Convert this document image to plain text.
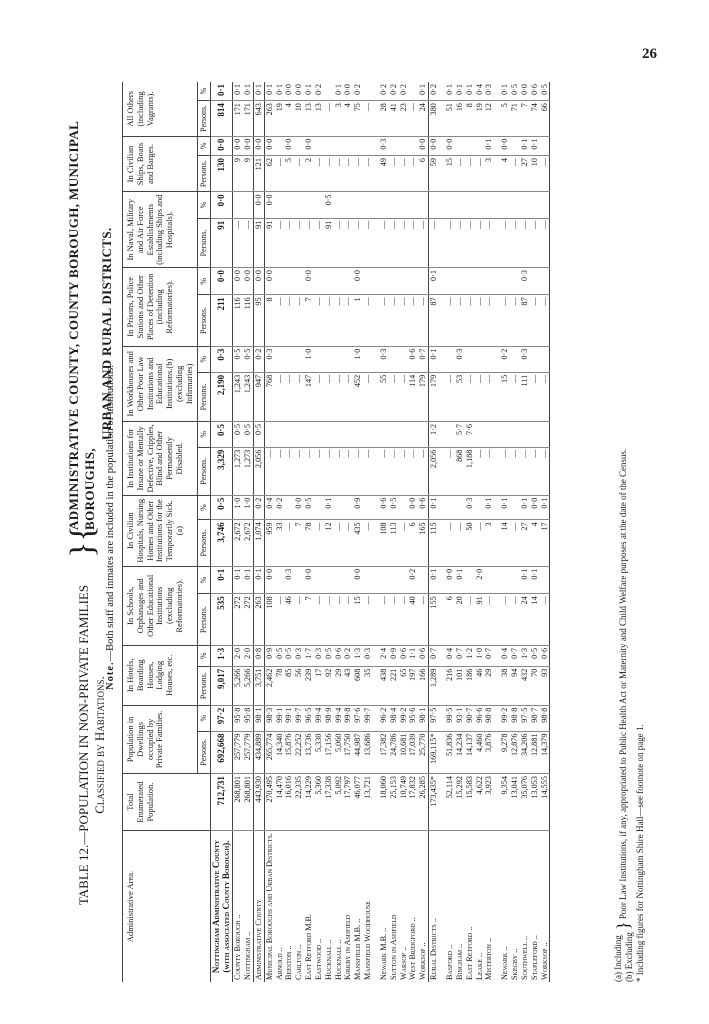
26
TABLE 12.—POPULATION IN NON-PRIVATE FAMILIES Classified by Habitations.
}{
ADMINISTRATIVE COUNTY, COUNTY BOROUGH, MUNICIPAL BOROUGHS,
URBAN AND RURAL DISTRICTS.
Note.—Both staff and inmates are included in the population of institutions.
Administrative Area.	Total Enumerated Population.	Population in Dwellings occupied by Private Families.		In Hotels, Boarding Houses, Lodging Houses, etc.		In Schools, Orphanages and Other Educational Institutions (excluding Reformatories).		In Civilian Hospitals, Nursing Homes and Other Institutions for the Temporarily Sick.(a)		In Institutions for Insane or Mentally Defective, Cripples, Blind and Other Permanently Disabled.		In Workhouses and Other Poor Law Institutions and Educational Institutions.(b) (excluding Infirmaries)		In Prisons, Police Stations and Other Places of Detention (including Reformatories).		In Naval, Military and Air Force Establishments (including Ships and Hospitals).		In Civilian Ships, Boats and Barges.		All Others (including Vagrants).	
		Persons.	%	Persons.	%	Persons.	%	Persons.	%	Persons.	%	Persons.	%	Persons.	%	Persons.	%	Persons.	%	Persons.	%
Nottingham Administrative County (with associated County Borough).	712,731	692,668	97·2	9,017	1·3	535	0·1	3,746	0·5	3,329	0·5	2,190	0·3	211	0·0	91	0·0	130	0·0	814	0·1
County Borough ..	268,801	257,779	95·8	5,266	2·0	272	0·1	2,672	1·0	1,273	0·5	1,243	0·5	116	0·0	—		9	0·0	171	0·1
Nottingham ..	268,801	257,779	95·8	5,266	2·0	272	0·1	2,672	1·0	1,273	0·5	1,243	0·5	116	0·0	—		9	0·0	171	0·1
Administrative County	443,930	434,889	98·1	3,751	0·8	263	0·1	1,074	0·2	2,056	0·5	947	0·2	95	0·0	91	0·0	121	0·0	643	0·1
Municipal Boroughs and Urban Districts.	270,495	265,774	98·3	2,462	0·9	108	0·0	959	0·4	—		768	0·3	8	0·0	91	0·0	62	0·0	263	0·1
Arnold ..	14,470	14,340	99·1	78	0·5	—		33	0·2	—		—		—		—		—		19	0·1
Beeston ..	16,016	15,876	99·1	85	0·5	46	0·3	—		—		—		—		—		5	0·0	4	0·0
Carlton ..	22,335	22,252	99·7	56	0·3	—		7	0·0	—		—		—		—		—		10	0·0
East Retford M.B.	14,229	13,736	96·5	239	1·7	7	0·0	78	0·5	—		147	1·0	7	0·0	—		2	0·0	13	0·1
Eastwood ..	5,360	5,330	99·4	17	0·3	—		—		—		—		—		—		—		13	0·2
Hucknall ..	17,338	17,156	98·9	92	0·5	—		12	0·1	—		—		—		91	0·5	—		—	
Hucknall ..	5,092	5,060	99·4	29	0·6	—		—		—		—		—		—		—		3	0·1
Kirkby in Ashfield	17,797	17,750	99·8	43	0·2	—		—		—		—		—		—		—		4	0·0
Mansfield M.B. ..	46,077	44,987	97·6	608	1·3	15	0·0	435	0·9	—		452	1·0	1	0·0	—		—		75	0·2
Mansfield Woodhouse	13,721	13,686	99·7	35	0·3	—		—		—		—		—		—		—		—	

Newark M.B. ..	18,060	17,382	96·2	438	2·4	—		108	0·6	—		55	0·3	—		—		49	0·3	28	0·2
Sutton in Ashfield	25,153	24,786	98·4	221	0·9	—		113	0·5	—		—		—		—		—		41	0·2
Warsop ..	10,749	10,681	99·2	65	0·6	—		—		—		—		—		—		—		23	0·2
West Bridgford ..	17,832	17,039	95·6	197	1·1	40	0·2	6	0·0	—		114	0·6	—		—		—		—	
Worksop ..	26,285	25,770	98·1	166	0·6	—		165	0·6	—		179	0·7	—		—		6	0·0	24	0·1
Rural Districts ..	173,435*	169,115*	97·5	1,289	0·7	155	0·1	115	0·1	2,056	1·2	179	0·1	87	0·1	—		59	0·0	380	0·2

Basford ..	52,114	51,836	99·5	216	0·4	6	0·0	—		—		—		—		—		15	0·0	51	0·1
Bingham ..	15,292	14,234	93·1	101	0·7	20	0·1	—		868	5·7	53	0·3	—		—		—		16	0·1
East Retford ..	15,583	14,137	90·7	186	1·2	—		50	0·3	1,188	7·6	—		—		—		—		8	0·1
Leake ..	4,622	4,460	96·6	46	1·0	91	2·0	—		—		—		—		—		—		19	0·4
Misterton ..	3,923	3,876	98·8	29	0·7	—		3	0·1	—		—		—		—		3	0·1	12	0·3

Newark ..	9,354	9,278	99·2	38	0·4	—		14	0·1	—		15	0·2	—		—		4	0·0	5	0·1
Skegby ..	13,041	12,876	98·8	94	0·7	—		—		—		—		—		—		—		71	0·5
Southwell ..	35,076	34,206	97·5	432	1·3	24	0·1	27	0·1	—		111	0·3	87	0·3	—		27	0·1	7	0·0
Stapleford ..	13,053	12,881	98·7	70	0·5	14	0·1	4	0·0	—		—		—		—		10	0·1	74	0·6
Worksop ..	14,555	14,379	98·8	93	0·6	—		17	0·1	—		—		—		—		—		66	0·5
(a) Including
(b) Excluding } Poor Law Institutions, if any, appropriated to Public Health Act or Maternity and Child Welfare purposes at the date of the Census. * Including figures for Nottingham Shire Hall—see footnote on page 1.
